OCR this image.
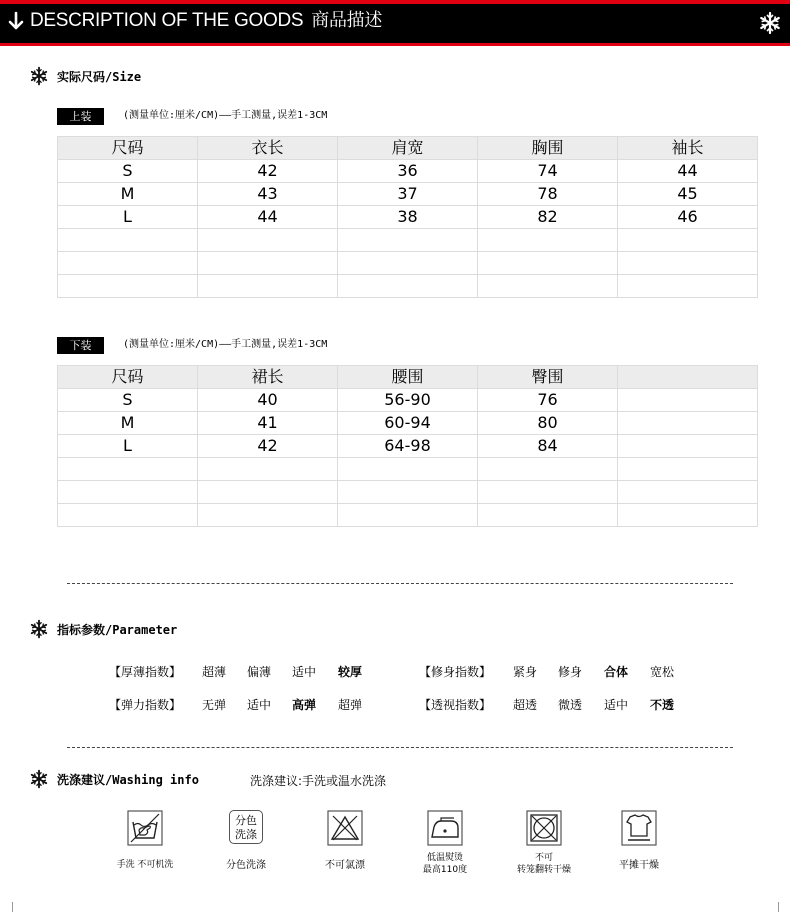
DESCRIPTION OF THE GOODS 商品描述
实际尺码/Size
上装	(测量单位:厘米/CM)——手工测量,误差1-3CM
尺码	衣长	肩宽	胸围	袖长
S	42	36	74	44
M	43	37	78	45
L	44	38	82	46

下装	(测量单位:厘米/CM)——手工测量,误差1-3CM
尺码	裙长	腰围	臀围	
S	40	56-90	76	
M	41	60-94	80	
L	42	64-98	84	

指标参数/Parameter
【厚薄指数】 超薄 偏薄 适中 较厚	【修身指数】 紧身 修身 合体 宽松
【弹力指数】 无弹 适中 高弹 超弹	【透视指数】 超透 微透 适中 不透
洗涤建议/Washing info	洗涤建议:手洗或温水洗涤
手洗 不可机洗
分色
洗涤
分色洗涤	不可氯漂
低温熨烫
最高110度
不可
转笼翻转干燥	平摊干燥
